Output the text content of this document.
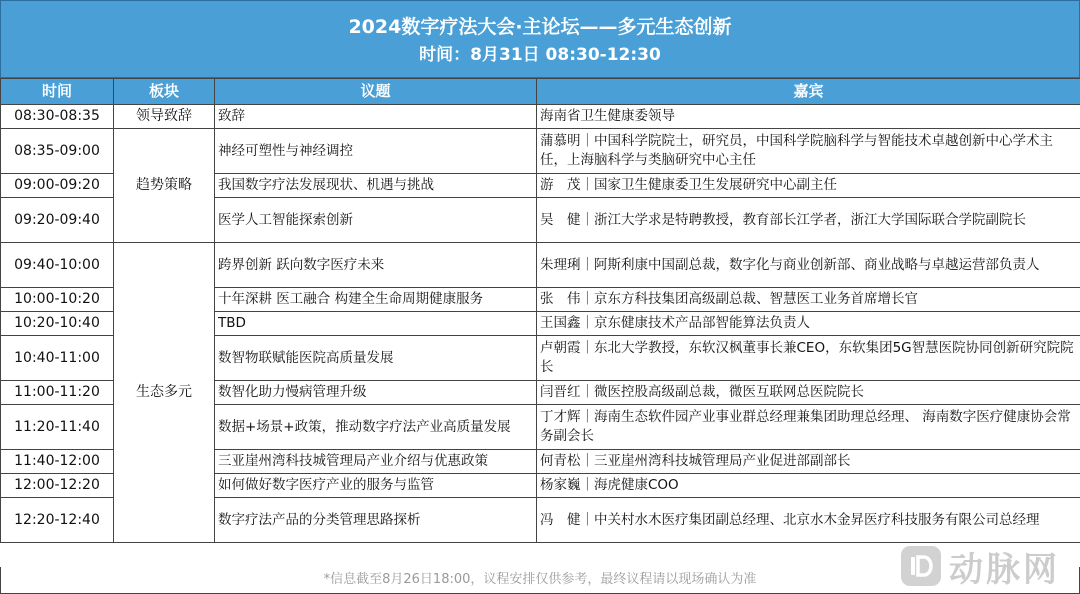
2024数字疗法大会·主论坛——多元生态创新
时间：8月31日 08:30-12:30
时间	板块	议题	嘉宾
08:30-08:35	领导致辞	致辞	海南省卫生健康委领导
08:35-09:00	趋势策略	神经可塑性与神经调控	蒲慕明｜中国科学院院士，研究员，中国科学院脑科学与智能技术卓越创新中心学术主任，上海脑科学与类脑研究中心主任
09:00-09:20		我国数字疗法发展现状、机遇与挑战	游　茂｜国家卫生健康委卫生发展研究中心副主任
09:20-09:40		医学人工智能探索创新	吴　健｜浙江大学求是特聘教授，教育部长江学者，浙江大学国际联合学院副院长
09:40-10:00	生态多元	跨界创新 跃向数字医疗未来	朱理琍｜阿斯利康中国副总裁，数字化与商业创新部、商业战略与卓越运营部负责人
10:00-10:20		十年深耕 医工融合 构建全生命周期健康服务	张　伟｜京东方科技集团高级副总裁、智慧医工业务首席增长官
10:20-10:40		TBD	王国鑫｜京东健康技术产品部智能算法负责人
10:40-11:00		数智物联赋能医院高质量发展	卢朝霞｜东北大学教授，东软汉枫董事长兼CEO，东软集团5G智慧医院协同创新研究院院长
11:00-11:20		数智化助力慢病管理升级	闫晋红｜微医控股高级副总裁，微医互联网总医院院长
11:20-11:40		数据+场景+政策，推动数字疗法产业高质量发展	丁才辉｜海南生态软件园产业事业群总经理兼集团助理总经理、 海南数字医疗健康协会常务副会长
11:40-12:00		三亚崖州湾科技城管理局产业介绍与优惠政策	何青松｜三亚崖州湾科技城管理局产业促进部副部长
12:00-12:20		如何做好数字医疗产业的服务与监管	杨家巍｜海虎健康COO
12:20-12:40		数字疗法产品的分类管理思路探析	冯　健｜中关村水木医疗集团副总经理、北京水木金昇医疗科技服务有限公司总经理
*信息截至8月26日18:00，议程安排仅供参考，最终议程请以现场确认为准	动脉网
